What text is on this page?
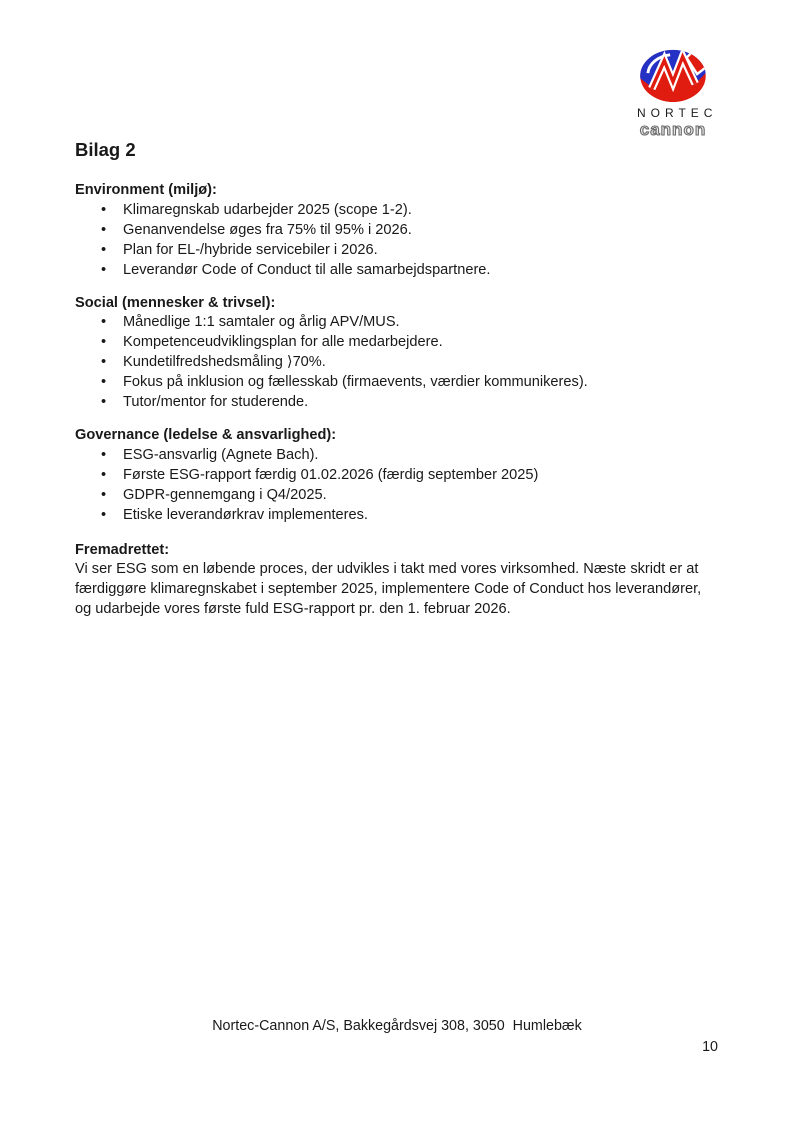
NORTEC
cannon
Bilag 2

Environment (miljø):

• Klimaregnskab udarbejder 2025 (scope 1-2).
• Genanvendelse øges fra 75% til 95% i 2026.
• Plan for EL-/hybride servicebiler i 2026.
• Leverandør Code of Conduct til alle samarbejdspartnere.

Social (mennesker & trivsel):

• Månedlige 1:1 samtaler og årlig APV/MUS.
• Kompetenceudviklingsplan for alle medarbejdere.
• Kundetilfredshedsmåling ⟩70%.
• Fokus på inklusion og fællesskab (firmaevents, værdier kommunikeres).
• Tutor/mentor for studerende.

Governance (ledelse & ansvarlighed):

• ESG-ansvarlig (Agnete Bach).
• Første ESG-rapport færdig 01.02.2026 (færdig september 2025)
• GDPR-gennemgang i Q4/2025.
• Etiske leverandørkrav implementeres.

Fremadrettet:

Vi ser ESG som en løbende proces, der udvikles i takt med vores virksomhed. Næste skridt er at færdiggøre klimaregnskabet i september 2025, implementere Code of Conduct hos leverandører, og udarbejde vores første fuld ESG-rapport pr. den 1. februar 2026.

Nortec-Cannon A/S, Bakkegårdsvej 308, 3050  Humlebæk
10
